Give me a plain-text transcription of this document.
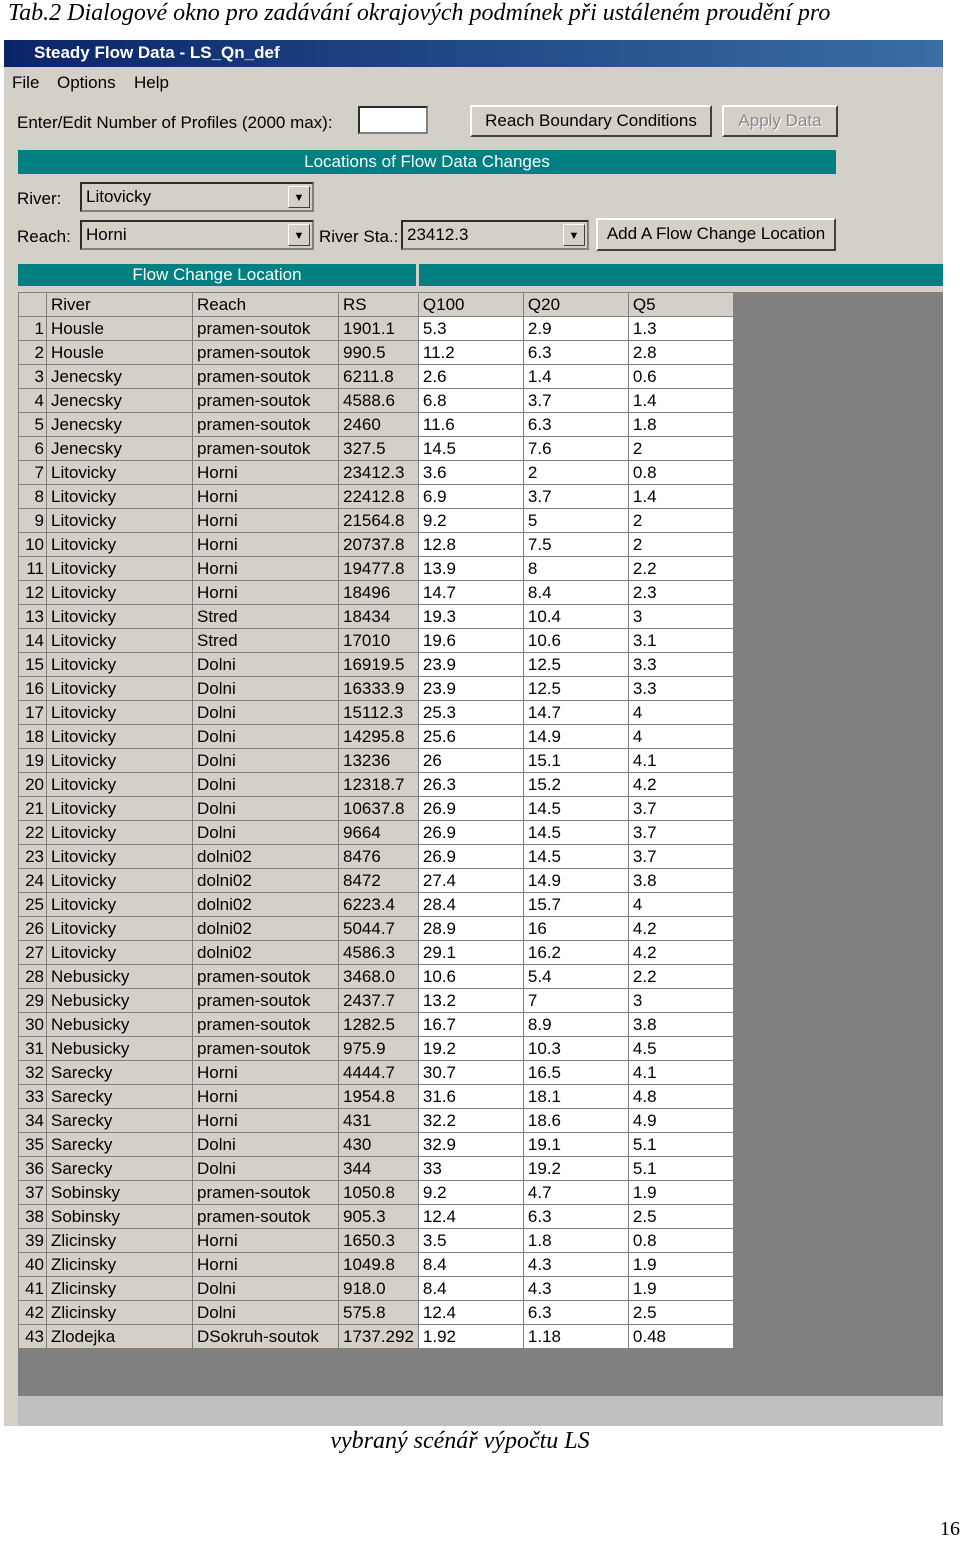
Tab.2 Dialogové okno pro zadávání okrajových podmínek při ustáleném proudění pro
Steady Flow Data - LS_Qn_def
File Options Help
Enter/Edit Number of Profiles (2000 max):	Reach Boundary Conditions	Apply Data
Locations of Flow Data Changes
River: Litovicky	▼
Reach: Horni	▼ River Sta.: 23412.3	▼	Add A Flow Change Location
Flow Change Location
	River	Reach	RS	Q100	Q20	Q5
1	Housle	pramen-soutok	1901.1	5.3	2.9	1.3
2	Housle	pramen-soutok	990.5	11.2	6.3	2.8
3	Jenecsky	pramen-soutok	6211.8	2.6	1.4	0.6
4	Jenecsky	pramen-soutok	4588.6	6.8	3.7	1.4
5	Jenecsky	pramen-soutok	2460	11.6	6.3	1.8
6	Jenecsky	pramen-soutok	327.5	14.5	7.6	2
7	Litovicky	Horni	23412.3	3.6	2	0.8
8	Litovicky	Horni	22412.8	6.9	3.7	1.4
9	Litovicky	Horni	21564.8	9.2	5	2
10	Litovicky	Horni	20737.8	12.8	7.5	2
11	Litovicky	Horni	19477.8	13.9	8	2.2
12	Litovicky	Horni	18496	14.7	8.4	2.3
13	Litovicky	Stred	18434	19.3	10.4	3
14	Litovicky	Stred	17010	19.6	10.6	3.1
15	Litovicky	Dolni	16919.5	23.9	12.5	3.3
16	Litovicky	Dolni	16333.9	23.9	12.5	3.3
17	Litovicky	Dolni	15112.3	25.3	14.7	4
18	Litovicky	Dolni	14295.8	25.6	14.9	4
19	Litovicky	Dolni	13236	26	15.1	4.1
20	Litovicky	Dolni	12318.7	26.3	15.2	4.2
21	Litovicky	Dolni	10637.8	26.9	14.5	3.7
22	Litovicky	Dolni	9664	26.9	14.5	3.7
23	Litovicky	dolni02	8476	26.9	14.5	3.7
24	Litovicky	dolni02	8472	27.4	14.9	3.8
25	Litovicky	dolni02	6223.4	28.4	15.7	4
26	Litovicky	dolni02	5044.7	28.9	16	4.2
27	Litovicky	dolni02	4586.3	29.1	16.2	4.2
28	Nebusicky	pramen-soutok	3468.0	10.6	5.4	2.2
29	Nebusicky	pramen-soutok	2437.7	13.2	7	3
30	Nebusicky	pramen-soutok	1282.5	16.7	8.9	3.8
31	Nebusicky	pramen-soutok	975.9	19.2	10.3	4.5
32	Sarecky	Horni	4444.7	30.7	16.5	4.1
33	Sarecky	Horni	1954.8	31.6	18.1	4.8
34	Sarecky	Horni	431	32.2	18.6	4.9
35	Sarecky	Dolni	430	32.9	19.1	5.1
36	Sarecky	Dolni	344	33	19.2	5.1
37	Sobinsky	pramen-soutok	1050.8	9.2	4.7	1.9
38	Sobinsky	pramen-soutok	905.3	12.4	6.3	2.5
39	Zlicinsky	Horni	1650.3	3.5	1.8	0.8
40	Zlicinsky	Horni	1049.8	8.4	4.3	1.9
41	Zlicinsky	Dolni	918.0	8.4	4.3	1.9
42	Zlicinsky	Dolni	575.8	12.4	6.3	2.5
43	Zlodejka	DSokruh-soutok	1737.292	1.92	1.18	0.48
vybraný scénář výpočtu LS
16
